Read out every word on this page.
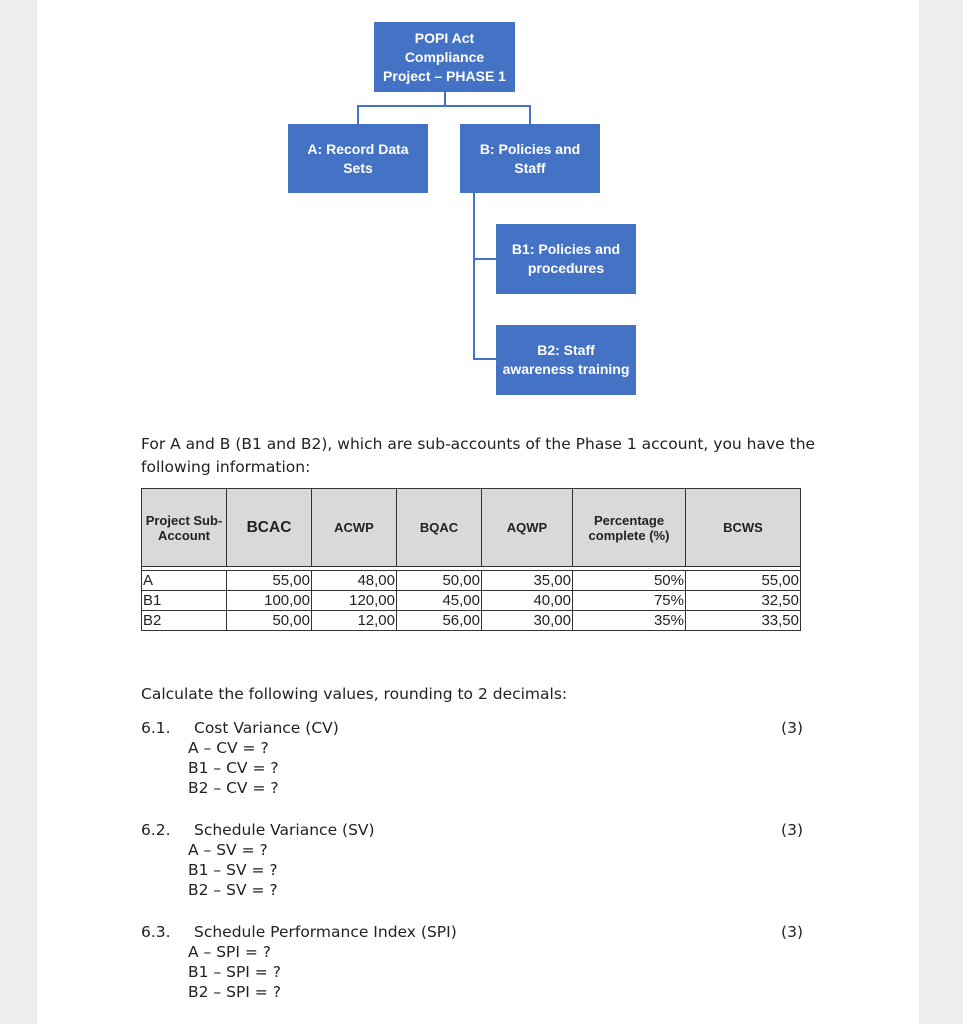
POPI Act
Compliance
Project – PHASE 1
A: Record Data
Sets
B: Policies and
Staff
B1: Policies and
procedures
B2: Staff
awareness training

For A and B (B1 and B2), which are sub-accounts of the Phase 1 account, you have the following information:

Project Sub-Account	BCAC	ACWP	BQAC	AQWP	Percentage complete (%)	BCWS

A	55,00	48,00	50,00	35,00	50%	55,00
B1	100,00	120,00	45,00	40,00	75%	32,50
B2	50,00	12,00	56,00	30,00	35%	33,50

Calculate the following values, rounding to 2 decimals:

6.1. Cost Variance (CV)	(3)
A – CV = ?
B1 – CV = ?
B2 – CV = ?
6.2. Schedule Variance (SV)	(3)
A – SV = ?
B1 – SV = ?
B2 – SV = ?
6.3. Schedule Performance Index (SPI)	(3)
A – SPI = ?
B1 – SPI = ?
B2 – SPI = ?
